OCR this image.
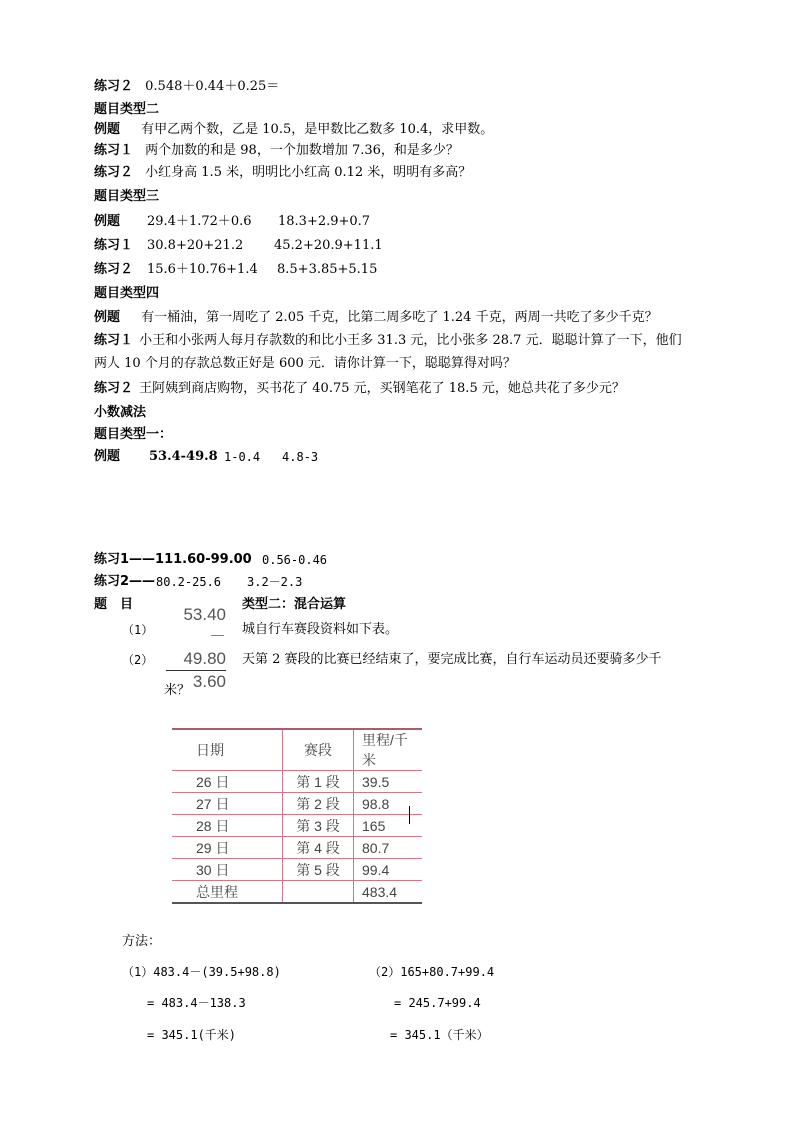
练习２ 0.548＋0.44＋0.25＝
题目类型二
例题 有甲乙两个数，乙是 10.5，是甲数比乙数多 10.4，求甲数。
练习１ 两个加数的和是 98，一个加数增加 7.36，和是多少？
练习２ 小红身高 1.5 米，明明比小红高 0.12 米，明明有多高？
题目类型三
例题 29.4＋1.72＋0.6 18.3+2.9+0.7
练习１ 30.8+20+21.2 45.2+20.9+11.1
练习２ 15.6＋10.76+1.4 8.5+3.85+5.15
题目类型四
例题 有一桶油，第一周吃了 2.05 千克，比第二周多吃了 1.24 千克，两周一共吃了多少千克？
练习１ 小王和小张两人每月存款数的和比小王多 31.3 元，比小张多 28.7 元．聪聪计算了一下，他们
两人 10 个月的存款总数正好是 600 元．请你计算一下，聪聪算得对吗？
练习２ 王阿姨到商店购物，买书花了 40.75 元，买钢笔花了 18.5 元，她总共花了多少元？
小数减法
题目类型一：
例题 53.4-49.8 1-0.4 4.8-3
练习1——111.60-99.00 0.56-0.46
练习2—— 80.2-25.6 3.2－2.3
题　目	类型二：混合运算
53.40
－ 49.80
3.60
（1）	城自行车赛段资料如下表。
（2）	天第 2 赛段的比赛已经结束了，要完成比赛，自行车运动员还要骑多少千
米？
日期	赛段	里程/千米
26 日	第 1 段	39.5
27 日	第 2 段	98.8
28 日	第 3 段	165
29 日	第 4 段	80.7
30 日	第 5 段	99.4
总里程		483.4
方法：
（1）483.4－(39.5+98.8)
= 483.4－138.3
= 345.1(千米)
（2）165+80.7+99.4
= 245.7+99.4
= 345.1（千米）
